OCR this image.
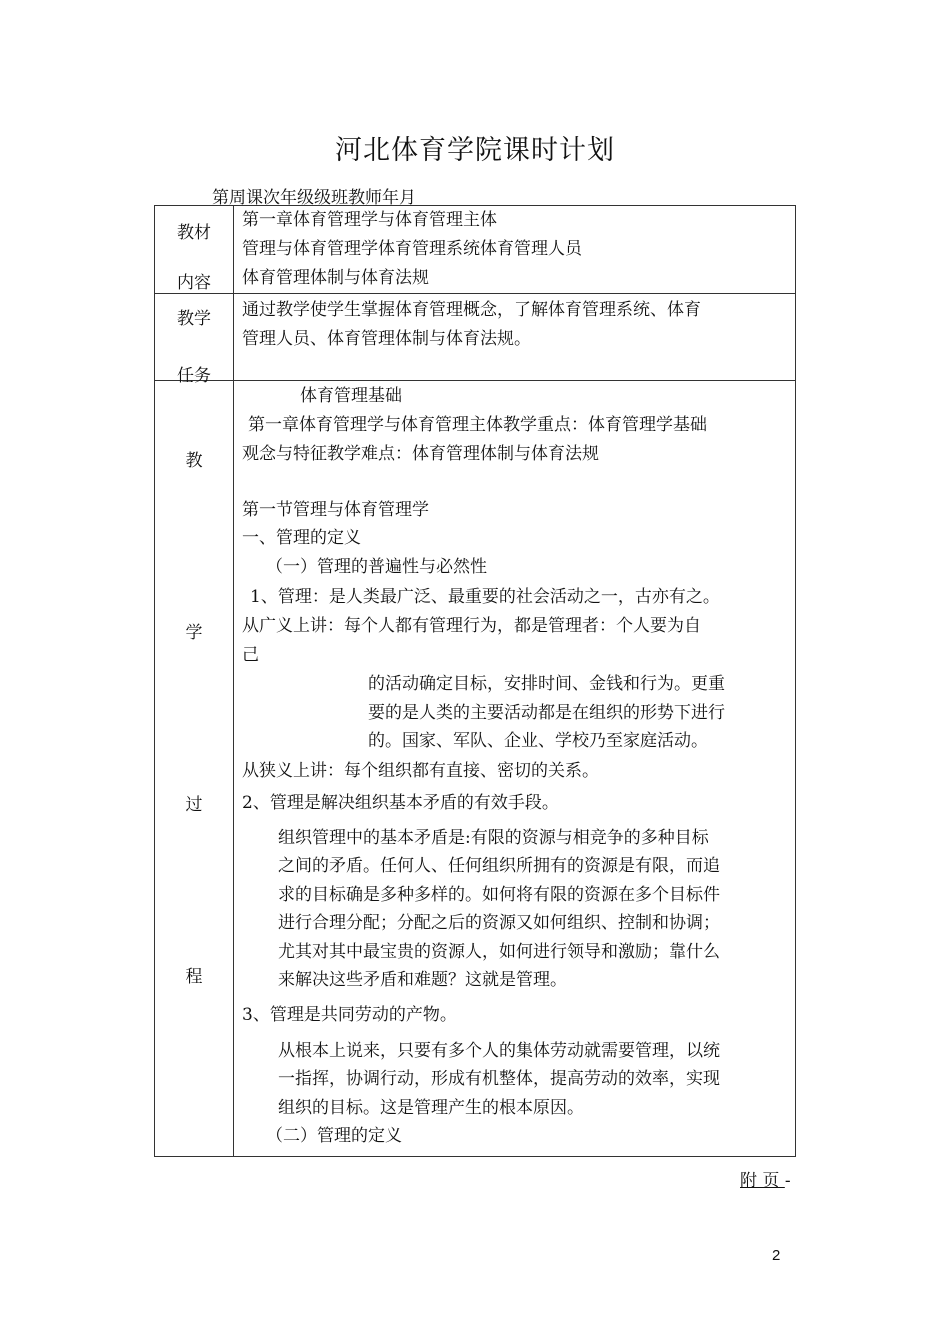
河北体育学院课时计划
第周课次年级级班教师年月
教材
内容
第一章体育管理学与体育管理主体
管理与体育管理学体育管理系统体育管理人员
体育管理体制与体育法规
教学
任务
通过教学使学生掌握体育管理概念，了解体育管理系统、体育
管理人员、体育管理体制与体育法规。
教
学
过
程
体育管理基础
第一章体育管理学与体育管理主体教学重点：体育管理学基础
观念与特征教学难点：体育管理体制与体育法规
第一节管理与体育管理学
一、管理的定义
（一）管理的普遍性与必然性
1、管理：是人类最广泛、最重要的社会活动之一，古亦有之。
从广义上讲：每个人都有管理行为，都是管理者：个人要为自
己
的活动确定目标，安排时间、金钱和行为。更重
要的是人类的主要活动都是在组织的形势下进行
的。国家、军队、企业、学校乃至家庭活动。
从狭义上讲：每个组织都有直接、密切的关系。
2、管理是解决组织基本矛盾的有效手段。
组织管理中的基本矛盾是:有限的资源与相竞争的多种目标
之间的矛盾。任何人、任何组织所拥有的资源是有限，而追
求的目标确是多种多样的。如何将有限的资源在多个目标件
进行合理分配；分配之后的资源又如何组织、控制和协调；
尤其对其中最宝贵的资源人，如何进行领导和激励；靠什么
来解决这些矛盾和难题？这就是管理。
3、管理是共同劳动的产物。
从根本上说来，只要有多个人的集体劳动就需要管理，以统
一指挥，协调行动，形成有机整体，提高劳动的效率，实现
组织的目标。这是管理产生的根本原因。
（二）管理的定义
附 页 -
2
